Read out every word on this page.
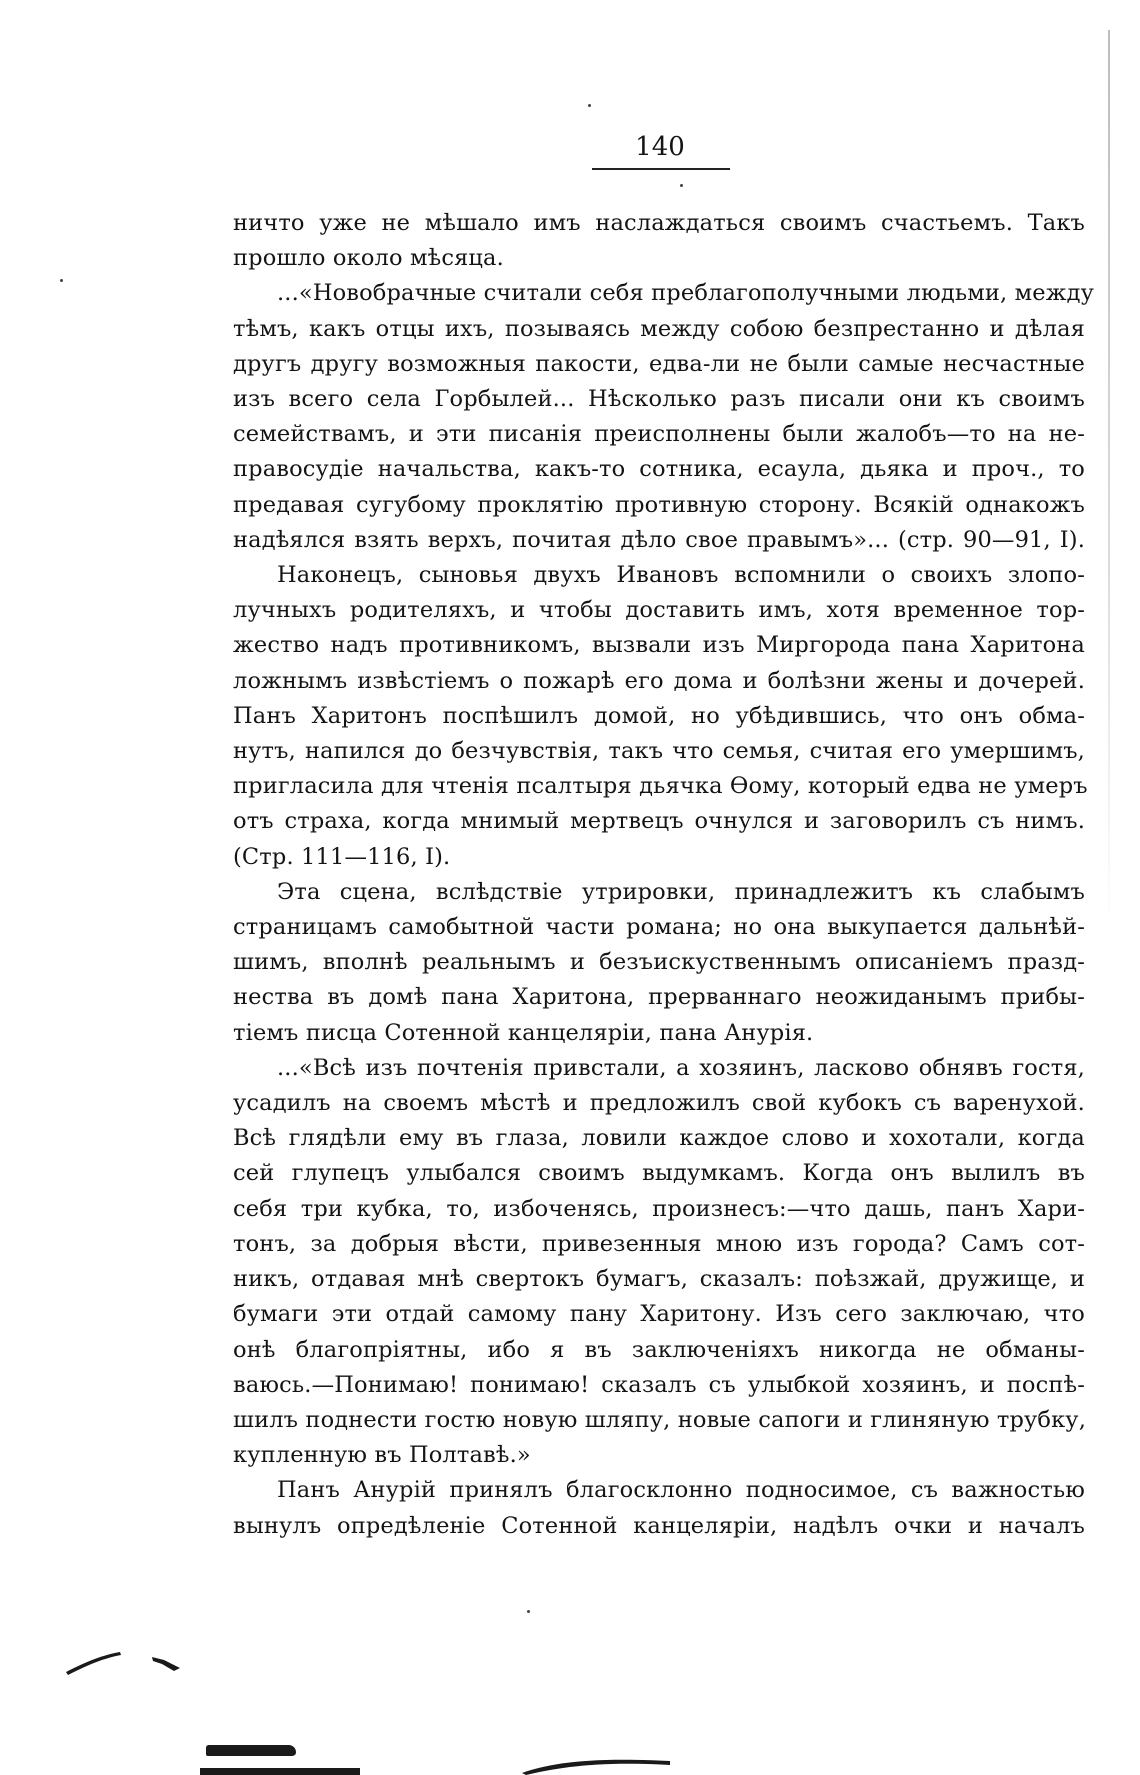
140

ничто уже не мѣшало имъ наслаждаться своимъ счастьемъ. Такъ

прошло около мѣсяца.

...«Новобрачные считали себя преблагополучными людьми, между

тѣмъ, какъ отцы ихъ, позываясь между собою безпрестанно и дѣлая

другъ другу возможныя пакости, едва-ли не были самые несчастные

изъ всего села Горбылей... Нѣсколько разъ писали они къ своимъ

семействамъ, и эти писанія преисполнены были жалобъ—то на не-

правосудіе начальства, какъ-то сотника, есаула, дьяка и проч., то

предавая сугубому проклятію противную сторону. Всякій однакожъ

надѣялся взять верхъ, почитая дѣло свое правымъ»... (стр. 90—91, I).

Наконецъ, сыновья двухъ Ивановъ вспомнили о своихъ злопо-

лучныхъ родителяхъ, и чтобы доставить имъ, хотя временное тор-

жество надъ противникомъ, вызвали изъ Миргорода пана Харитона

ложнымъ извѣстіемъ о пожарѣ его дома и болѣзни жены и дочерей.

Панъ Харитонъ поспѣшилъ домой, но убѣдившись, что онъ обма-

нутъ, напился до безчувствія, такъ что семья, считая его умершимъ,

пригласила для чтенія псалтыря дьячка Ѳому, который едва не умеръ

отъ страха, когда мнимый мертвецъ очнулся и заговорилъ съ нимъ.

(Стр. 111—116, I).

Эта сцена, вслѣдствіе утрировки, принадлежитъ къ слабымъ

страницамъ самобытной части романа; но она выкупается дальнѣй-

шимъ, вполнѣ реальнымъ и безъискуственнымъ описаніемъ празд-

нества въ домѣ пана Харитона, прерваннаго неожиданымъ прибы-

тіемъ писца Сотенной канцеляріи, пана Анурія.

...«Всѣ изъ почтенія привстали, а хозяинъ, ласково обнявъ гостя,

усадилъ на своемъ мѣстѣ и предложилъ свой кубокъ съ варенухой.

Всѣ глядѣли ему въ глаза, ловили каждое слово и хохотали, когда

сей глупецъ улыбался своимъ выдумкамъ. Когда онъ вылилъ въ

себя три кубка, то, избоченясь, произнесъ:—что дашь, панъ Хари-

тонъ, за добрыя вѣсти, привезенныя мною изъ города? Самъ сот-

никъ, отдавая мнѣ свертокъ бумагъ, сказалъ: поѣзжай, дружище, и

бумаги эти отдай самому пану Харитону. Изъ сего заключаю, что

онѣ благопріятны, ибо я въ заключеніяхъ никогда не обманы-

ваюсь.—Понимаю! понимаю! сказалъ съ улыбкой хозяинъ, и поспѣ-

шилъ поднести гостю новую шляпу, новые сапоги и глиняную трубку,

купленную въ Полтавѣ.»

Панъ Анурій принялъ благосклонно подносимое, съ важностью

вынулъ опредѣленіе Сотенной канцеляріи, надѣлъ очки и началъ
